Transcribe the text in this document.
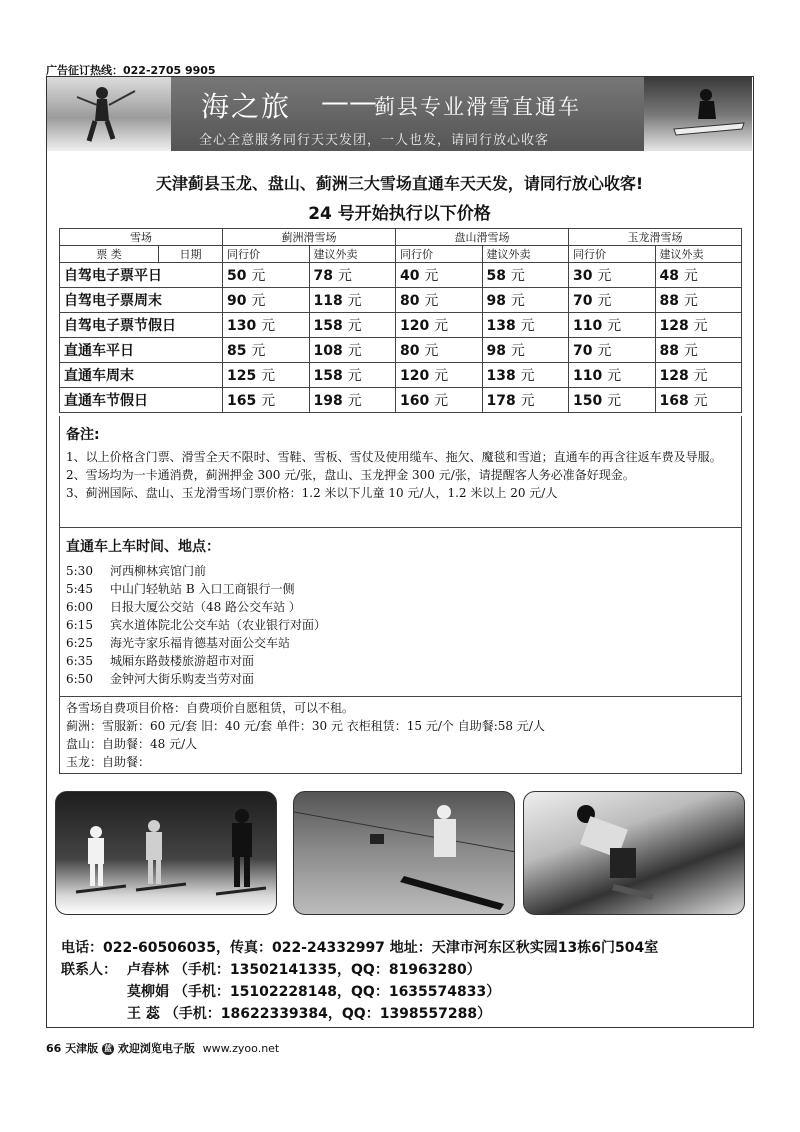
广告征订热线：022-2705 9905
海之旅 ——
蓟县专业滑雪直通车
全心全意服务同行天天发团，一人也发，请同行放心收客
天津蓟县玉龙、盘山、蓟洲三大雪场直通车天天发，请同行放心收客!
24 号开始执行以下价格
雪场		蓟洲滑雪场		盘山滑雪场		玉龙滑雪场	
票 类	日期	同行价	建议外卖	同行价	建议外卖	同行价	建议外卖
自驾电子票平日		50 元	78 元	40 元	58 元	30 元	48 元
自驾电子票周末		90 元	118 元	80 元	98 元	70 元	88 元
自驾电子票节假日		130 元	158 元	120 元	138 元	110 元	128 元
直通车平日		85 元	108 元	80 元	98 元	70 元	88 元
直通车周末		125 元	158 元	120 元	138 元	110 元	128 元
直通车节假日		165 元	198 元	160 元	178 元	150 元	168 元
备注:
1、以上价格含门票、滑雪全天不限时、雪鞋、雪板、雪仗及使用缆车、拖欠、魔毯和雪道；直通车的再含往返车费及导服。
2、雪场均为一卡通消费，蓟洲押金 300 元/张，盘山、玉龙押金 300 元/张，请提醒客人务必准备好现金。
3、蓟洲国际、盘山、玉龙滑雪场门票价格：1.2 米以下儿童 10 元/人，1.2 米以上 20 元/人
直通车上车时间、地点：
5:30 河西柳林宾馆门前
5:45 中山门轻轨站 B 入口工商银行一侧
6:00 日报大厦公交站（48 路公交车站 ）
6:15 宾水道体院北公交车站（农业银行对面）
6:25 海光寺家乐福肯德基对面公交车站
6:35 城厢东路鼓楼旅游超市对面
6:50 金钟河大街乐购麦当劳对面
各雪场自费项目价格：自费项价自愿租赁，可以不租。
蓟洲：雪服新：60 元/套 旧：40 元/套 单件：30 元 衣柜租赁：15 元/个 自助餐:58 元/人
盘山：自助餐：48 元/人
玉龙：自助餐：
电话：022-60506035，传真：022-24332997 地址：天津市河东区秋实园13栋6门504室
联系人： 卢春林 （手机：13502141335，QQ：81963280）
莫柳娟 （手机：15102228148，QQ：1635574833）
王 蕊 （手机：18622339384，QQ：1398557288）
66 天津版 蓝 欢迎浏览电子版 www.zyoo.net
